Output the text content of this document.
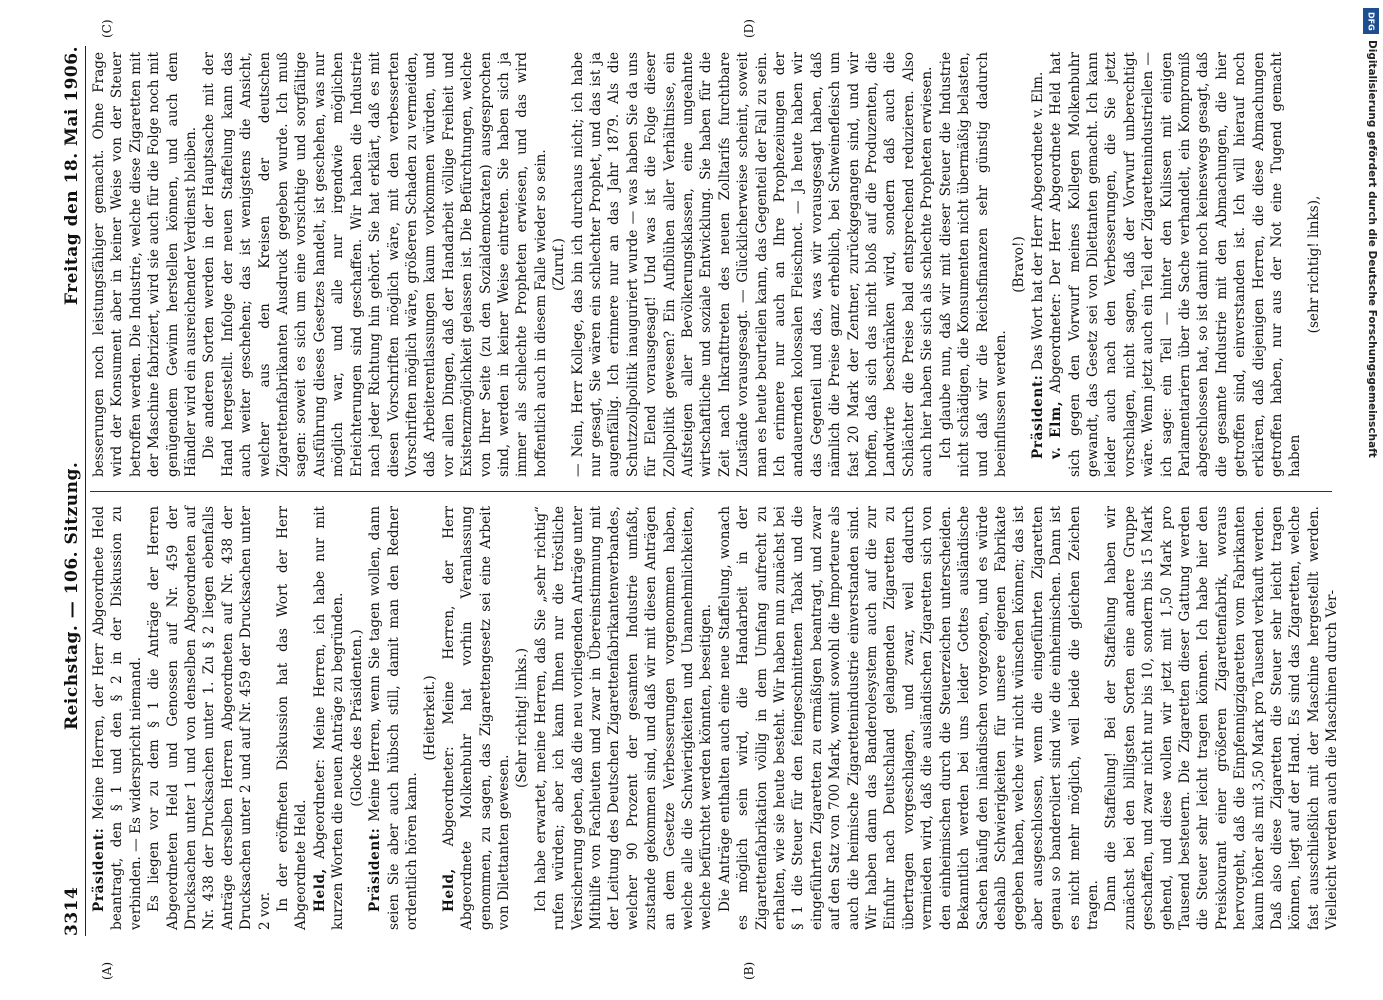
3314
Reichstag. — 106. Sitzung.
Freitag den 18. Mai 1906.

Präsident: Meine Herren, der Herr Abgeordnete Held beantragt, den § 1 und den § 2 in der Diskussion zu verbinden. — Es widerspricht niemand. Es liegen vor zu dem § 1 die Anträge der Herren Abgeordneten Held und Genossen auf Nr. 459 der Drucksachen unter 1 und von denselben Abgeordneten auf Nr. 438 der Drucksachen unter 1. Zu § 2 liegen ebenfalls Anträge derselben Herren Abgeordneten auf Nr. 438 der Drucksachen unter 2 und auf Nr. 459 der Drucksachen unter 2 vor. In der eröffneten Diskussion hat das Wort der Herr Abgeordnete Held. Held, Abgeordneter: Meine Herren, ich habe nur mit kurzen Worten die neuen Anträge zu begründen. (Glocke des Präsidenten.)

Präsident: Meine Herren, wenn Sie tagen wollen, dann seien Sie aber auch hübsch still, damit man den Redner ordentlich hören kann.

(Heiterkeit.)

Held, Abgeordneter: Meine Herren, der Herr Abgeordnete Molkenbuhr hat vorhin Veranlassung genommen, zu sagen, das Zigarettengesetz sei eine Arbeit von Dilettanten gewesen.

(Sehr richtig! links.) Ich habe erwartet, meine Herren, daß Sie „sehr richtig“ rufen würden; aber ich kann Ihnen nur die tröstliche Versicherung geben, daß die neu vorliegenden Anträge unter Mithilfe von Fachleuten und zwar in Übereinstimmung mit der Leitung des Deutschen Zigarettenfabrikantenverbandes, welcher 90 Prozent der gesamten Industrie umfaßt, zustande gekommen sind, und daß wir mit diesen Anträgen an dem Gesetze Verbesserungen vorgenommen haben, welche alle die Schwierigkeiten und Unannehmlichkeiten, welche befürchtet werden könnten, beseitigen. Die Anträge enthalten auch eine neue Staffelung, wonach es möglich sein wird, die Handarbeit in der Zigarettenfabrikation völlig in dem Umfang aufrecht zu erhalten, wie sie heute besteht. Wir haben nun zunächst bei § 1 die Steuer für den feingeschnittenen Tabak und die eingeführten Zigaretten zu ermäßigen beantragt, und zwar auf den Satz von 700 Mark, womit sowohl die Importeure als auch die heimische Zigarettenindustrie einverstanden sind. Wir haben dann das Banderolesystem auch auf die zur Einfuhr nach Deutschland gelangenden Zigaretten zu übertragen vorgeschlagen, und zwar, weil dadurch vermieden wird, daß die ausländischen Zigaretten sich von den einheimischen durch die Steuerzeichen unterscheiden. Bekanntlich werden bei uns leider Gottes ausländische Sachen häufig den inländischen vorgezogen, und es würde deshalb Schwierigkeiten für unsere eigenen Fabrikate gegeben haben, welche wir nicht wünschen können; das ist aber ausgeschlossen, wenn die eingeführten Zigaretten genau so banderoliert sind wie die einheimischen. Dann ist es nicht mehr möglich, weil beide die gleichen Zeichen tragen. Dann die Staffelung! Bei der Staffelung haben wir zunächst bei den billigsten Sorten eine andere Gruppe geschaffen, und zwar nicht nur bis 10, sondern bis 15 Mark gehend, und diese wollen wir jetzt mit 1,50 Mark pro Tausend besteuern. Die Zigaretten dieser Gattung werden die Steuer sehr leicht tragen können. Ich habe hier den Preiskourant einer größeren Zigarettenfabrik, woraus hervorgeht, daß die Einpfennigzigaretten vom Fabrikanten kaum höher als mit 3,50 Mark pro Tausend verkauft werden. Daß also diese Zigaretten die Steuer sehr leicht tragen können, liegt auf der Hand. Es sind das Zigaretten, welche fast ausschließlich mit der Maschine hergestellt werden. Vielleicht werden auch die Maschinen durch Ver-

besserungen noch leistungsfähiger gemacht. Ohne Frage wird der Konsument aber in keiner Weise von der Steuer betroffen werden. Die Industrie, welche diese Zigaretten mit der Maschine fabriziert, wird sie auch für die Folge noch mit genügendem Gewinn herstellen können, und auch dem Händler wird ein ausreichender Verdienst bleiben. Die anderen Sorten werden in der Hauptsache mit der Hand hergestellt. Infolge der neuen Staffelung kann das auch weiter geschehen; das ist wenigstens die Ansicht, welcher aus den Kreisen der deutschen Zigarettenfabrikanten Ausdruck gegeben wurde. Ich muß sagen: soweit es sich um eine vorsichtige und sorgfältige Ausführung dieses Gesetzes handelt, ist geschehen, was nur möglich war, und alle nur irgendwie möglichen Erleichterungen sind geschaffen. Wir haben die Industrie nach jeder Richtung hin gehört. Sie hat erklärt, daß es mit diesen Vorschriften möglich wäre, mit den verbesserten Vorschriften möglich wäre, größeren Schaden zu vermeiden, daß Arbeiterentlassungen kaum vorkommen würden, und vor allen Dingen, daß der Handarbeit völlige Freiheit und Existenzmöglichkeit gelassen ist. Die Befürchtungen, welche von Ihrer Seite (zu den Sozialdemokraten) ausgesprochen sind, werden in keiner Weise eintreten. Sie haben sich ja immer als schlechte Propheten erwiesen, und das wird hoffentlich auch in diesem Falle wieder so sein. (Zuruf.) — Nein, Herr Kollege, das bin ich durchaus nicht; ich habe nur gesagt, Sie wären ein schlechter Prophet, und das ist ja augenfällig. Ich erinnere nur an das Jahr 1879. Als die Schutzzollpolitik inauguriert wurde — was haben Sie da uns für Elend vorausgesagt! Und was ist die Folge dieser Zollpolitik gewesen? Ein Aufblühen aller Verhältnisse, ein Aufsteigen aller Bevölkerungsklassen, eine ungeahnte wirtschaftliche und soziale Entwicklung. Sie haben für die Zeit nach Inkrafttreten des neuen Zolltarifs furchtbare Zustände vorausgesagt. — Glücklicherweise scheint, soweit man es heute beurteilen kann, das Gegenteil der Fall zu sein. Ich erinnere nur auch an Ihre Prophezeiungen der andauernden kolossalen Fleischnot. — Ja heute haben wir das Gegenteil und das, was wir vorausgesagt haben, daß nämlich die Preise ganz erheblich, bei Schweinefleisch um fast 20 Mark der Zentner, zurückgegangen sind, und wir hoffen, daß sich das nicht bloß auf die Produzenten, die Landwirte beschränken wird, sondern daß auch die Schlächter die Preise bald entsprechend reduzieren. Also auch hier haben Sie sich als schlechte Propheten erwiesen. Ich glaube nun, daß wir mit dieser Steuer die Industrie nicht schädigen, die Konsumenten nicht übermäßig belasten, und daß wir die Reichsfinanzen sehr günstig dadurch beeinflussen werden.

(Bravo!)

Präsident: Das Wort hat der Herr Abgeordnete v. Elm.

v. Elm, Abgeordneter: Der Herr Abgeordnete Held hat sich gegen den Vorwurf meines Kollegen Molkenbuhr gewandt, das Gesetz sei von Dilettanten gemacht. Ich kann leider auch nach den Verbesserungen, die Sie jetzt vorschlagen, nicht sagen, daß der Vorwurf unberechtigt wäre. Wenn jetzt auch ein Teil der Zigarettenindustriellen — ich sage: ein Teil — hinter den Kulissen mit einigen Parlamentariern über die Sache verhandelt, ein Kompromiß abgeschlossen hat, so ist damit noch keineswegs gesagt, daß die gesamte Industrie mit den Abmachungen, die hier getroffen sind, einverstanden ist. Ich will hierauf noch erklären, daß diejenigen Herren, die diese Abmachungen getroffen haben, nur aus der Not eine Tugend gemacht haben

(sehr richtig! links),

(A)	(B)
(C)	(D)	DFG
Digitalisierung gefördert durch die Deutsche Forschungsgemeinschaft
